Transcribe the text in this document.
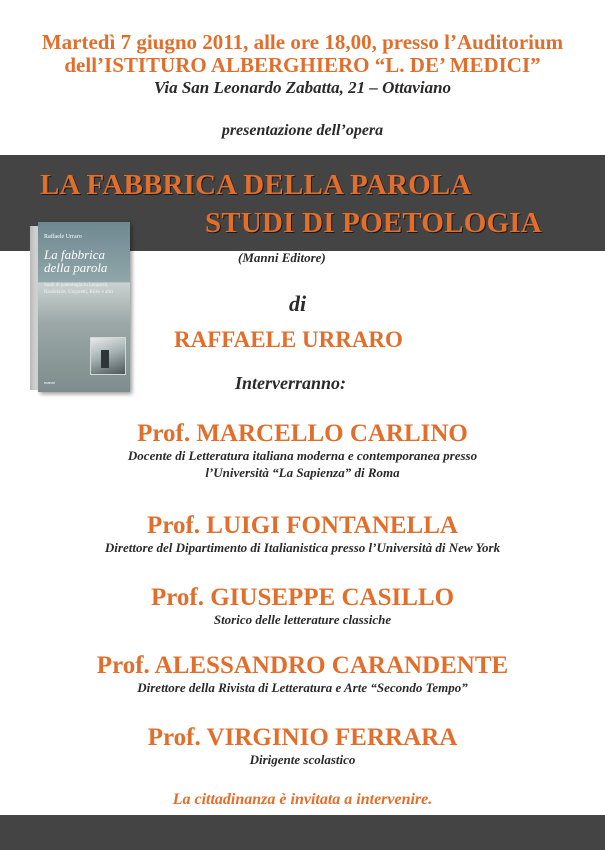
Martedì 7 giugno 2011, alle ore 18,00, presso l’Auditorium
dell’ISTITURO ALBERGHIERO “L. DE’ MEDICI”
Via San Leonardo Zabatta, 21 – Ottaviano
presentazione dell’opera
LA FABBRICA DELLA PAROLA
STUDI DI POETOLOGIA
(Manni Editore)
Raffaele Urraro
La fabbrica della parola
Studi di poetologia su Leopardi, Baudelaire, Ungaretti, Rilke e altri
manni
di
RAFFAELE URRARO
Interverranno:
Prof. MARCELLO CARLINO
Docente di Letteratura italiana moderna e contemporanea presso
l’Università “La Sapienza” di Roma
Prof. LUIGI FONTANELLA
Direttore del Dipartimento di Italianistica presso l’Università di New York
Prof. GIUSEPPE CASILLO
Storico delle letterature classiche
Prof. ALESSANDRO CARANDENTE
Direttore della Rivista di Letteratura e Arte “Secondo Tempo”
Prof. VIRGINIO FERRARA
Dirigente scolastico
La cittadinanza è invitata a intervenire.
